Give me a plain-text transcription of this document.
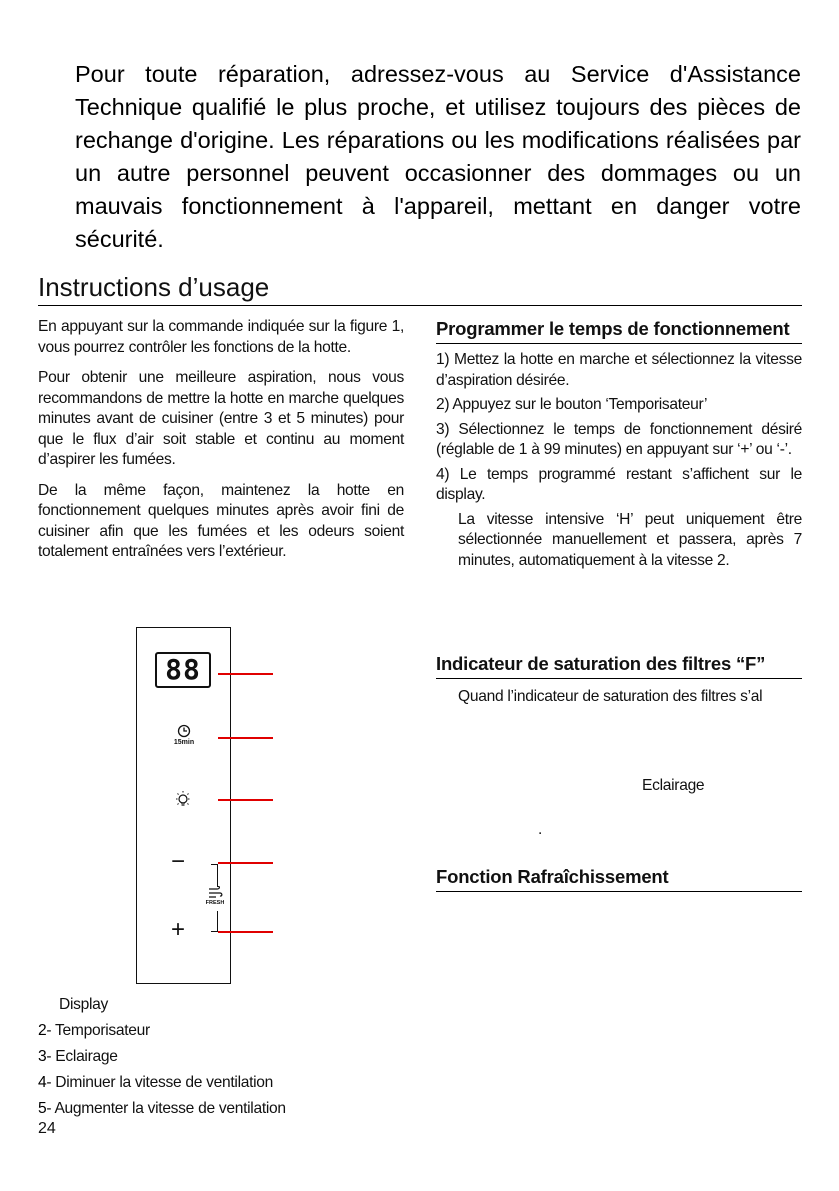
Pour toute réparation, adressez-vous au Service d'Assistance Technique qualifié le plus proche, et utilisez toujours des pièces de rechange d'origine. Les réparations ou les modifications réalisées par un autre personnel peuvent occasionner des dommages ou un mauvais fonctionnement à l'appareil, mettant en danger votre sécurité.
Instructions d’usage

En appuyant sur la commande indiquée sur la figure 1, vous pourrez contrôler les fonctions de la hotte.

Pour obtenir une meilleure aspiration, nous vous recommandons de mettre la hotte en marche quelques minutes avant de cuisiner (entre 3 et 5 minutes) pour que le flux d’air soit stable et continu au moment d’aspirer les fumées.

De la même façon, maintenez la hotte en fonctionnement quelques minutes après avoir fini de cuisiner afin que les fumées et les odeurs soient totalement entraînées vers l’extérieur.

Programmer le temps de fonctionnement
1) Mettez la hotte en marche et sélectionnez la vitesse d’aspiration désirée.
2) Appuyez sur le bouton ‘Temporisateur’
3) Sélectionnez le temps de fonctionnement désiré (réglable de 1 à 99 minutes) en appuyant sur ‘+’ ou ‘-’.
4) Le temps programmé restant s’affichent sur le display.

La vitesse intensive ‘H’ peut uniquement être sélectionnée manuellement et passera, après 7 minutes, automatiquement à la vitesse 2.

Indicateur de saturation des filtres “F”

Quand l’indicateur de saturation des filtres s’al

Eclairage
.
Fonction Rafraîchissement
88
15min
−
FRESH
+
Display
2- Temporisateur
3- Eclairage
4- Diminuer la vitesse de ventilation
5- Augmenter la vitesse de ventilation
24
